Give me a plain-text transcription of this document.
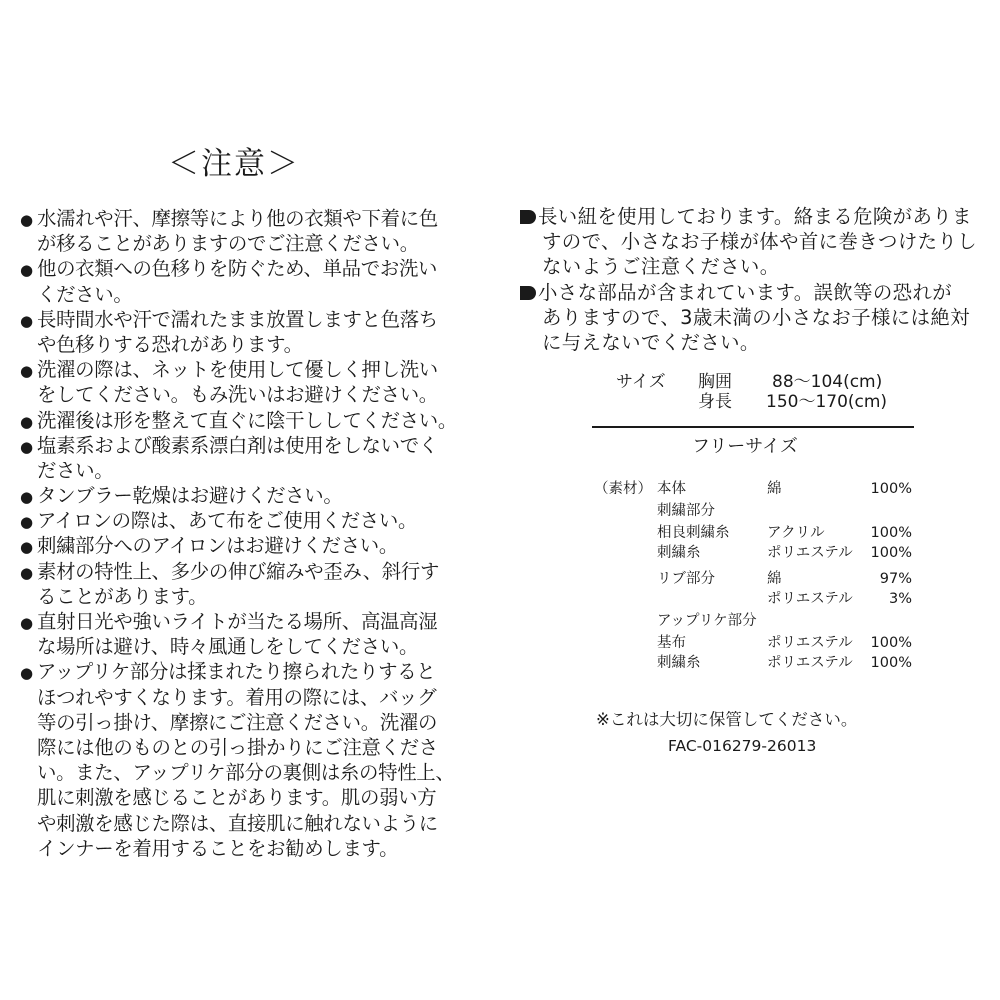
＜注意＞
● 水濡れや汗、摩擦等により他の衣類や下着に色
が移ることがありますのでご注意ください。
● 他の衣類への色移りを防ぐため、単品でお洗い
ください。
● 長時間水や汗で濡れたまま放置しますと色落ち
や色移りする恐れがあります。
● 洗濯の際は、ネットを使用して優しく押し洗い
をしてください。もみ洗いはお避けください。
● 洗濯後は形を整えて直ぐに陰干ししてください。
● 塩素系および酸素系漂白剤は使用をしないでく
ださい。
● タンブラー乾燥はお避けください。
● アイロンの際は、あて布をご使用ください。
● 刺繍部分へのアイロンはお避けください。
● 素材の特性上、多少の伸び縮みや歪み、斜行す
ることがあります。
● 直射日光や強いライトが当たる場所、高温高湿
な場所は避け、時々風通しをしてください。
● アップリケ部分は揉まれたり擦られたりすると
ほつれやすくなります。着用の際には、バッグ
等の引っ掛け、摩擦にご注意ください。洗濯の
際には他のものとの引っ掛かりにご注意くださ
い。また、アップリケ部分の裏側は糸の特性上、
肌に刺激を感じることがあります。肌の弱い方
や刺激を感じた際は、直接肌に触れないように
インナーを着用することをお勧めします。
長い紐を使用しております。絡まる危険がありま
すので、小さなお子様が体や首に巻きつけたりし
ないようご注意ください。
小さな部品が含まれています。誤飲等の恐れが
ありますので、3歳未満の小さなお子様には絶対
に与えないでください。
サイズ 胸囲 88〜104(cm)
身長 150〜170(cm)
フリーサイズ
（素材） 本体	綿	100%
刺繍部分
相良刺繍糸	アクリル	100%
刺繍糸	ポリエステル 100%
リブ部分	綿	97%
ポリエステル	3%
アップリケ部分
基布	ポリエステル 100%
刺繍糸	ポリエステル 100%
※これは大切に保管してください。
FAC-016279-26013
